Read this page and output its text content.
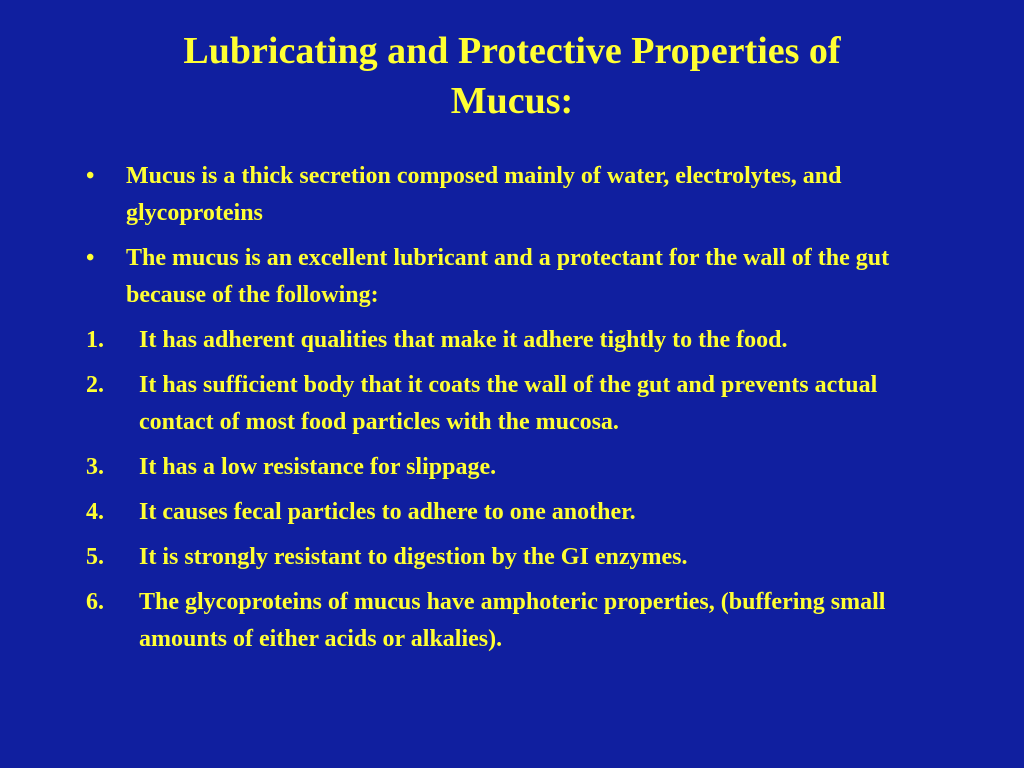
Lubricating and Protective Properties of
Mucus:
• Mucus is a thick secretion composed mainly of water, electrolytes, and glycoproteins
• The mucus is an excellent lubricant and a protectant for the wall of the gut because of the following:
1. It has adherent qualities that make it adhere tightly to the food.
2. It has sufficient body that it coats the wall of the gut and prevents actual contact of most food particles with the mucosa.
3. It has a low resistance for slippage.
4. It causes fecal particles to adhere to one another.
5. It is strongly resistant to digestion by the GI enzymes.
6. The glycoproteins of mucus have amphoteric properties, (buffering small amounts of either acids or alkalies).
